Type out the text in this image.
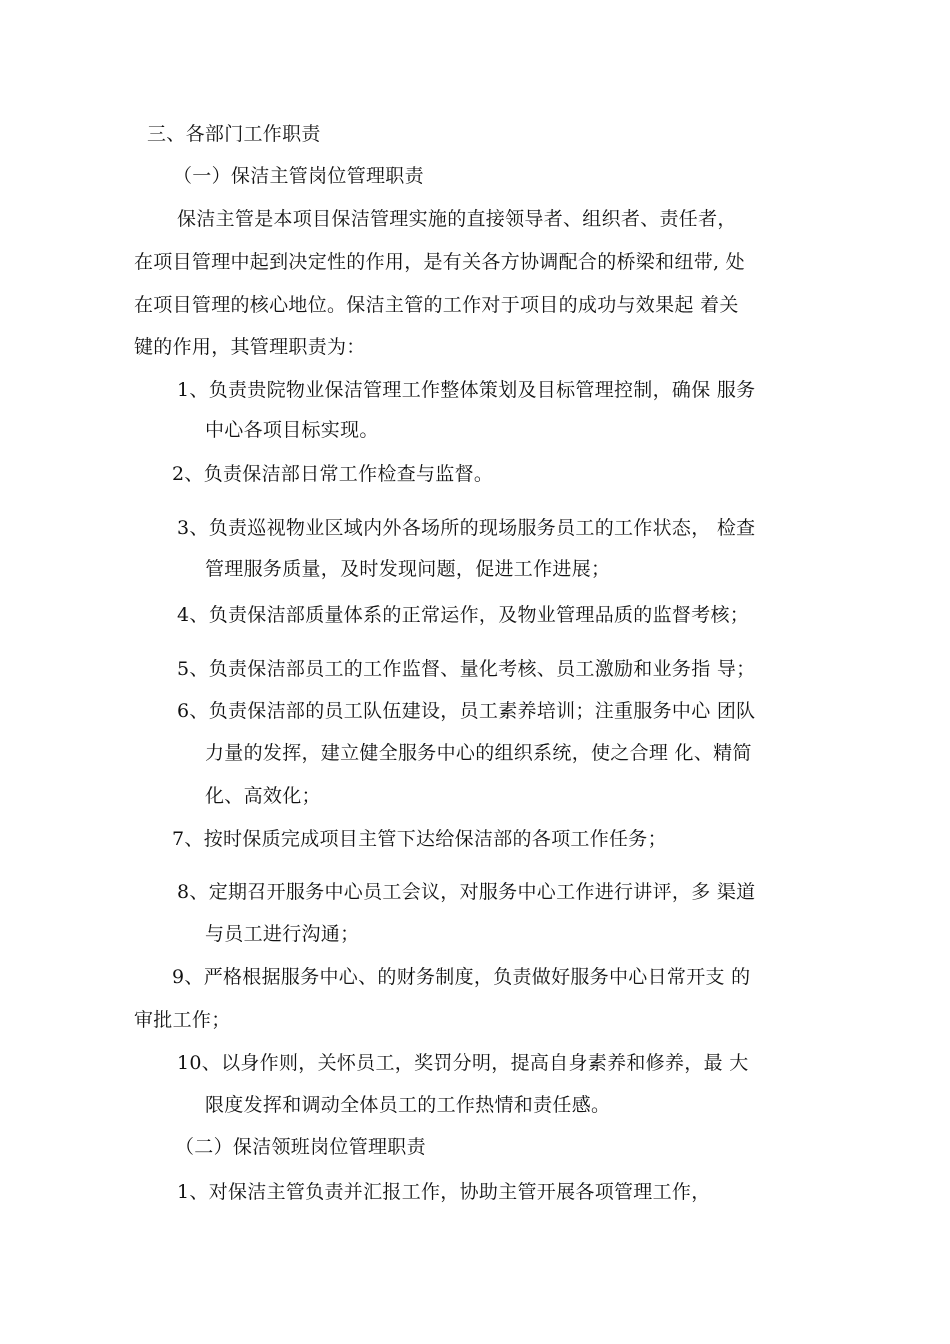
三、各部门工作职责
（一）保洁主管岗位管理职责
保洁主管是本项目保洁管理实施的直接领导者、组织者、责任者，
在项目管理中起到决定性的作用，是有关各方协调配合的桥梁和纽带, 处
在项目管理的核心地位。保洁主管的工作对于项目的成功与效果起 着关
键的作用，其管理职责为：
1、负责贵院物业保洁管理工作整体策划及目标管理控制，确保 服务
中心各项目标实现。
2、负责保洁部日常工作检查与监督。
3、负责巡视物业区域内外各场所的现场服务员工的工作状态， 检查
管理服务质量，及时发现问题，促进工作进展；
4、负责保洁部质量体系的正常运作，及物业管理品质的监督考核；
5、负责保洁部员工的工作监督、量化考核、员工激励和业务指 导；
6、负责保洁部的员工队伍建设，员工素养培训；注重服务中心 团队
力量的发挥，建立健全服务中心的组织系统，使之合理 化、精简
化、高效化；
7、按时保质完成项目主管下达给保洁部的各项工作任务；
8、定期召开服务中心员工会议，对服务中心工作进行讲评，多 渠道
与员工进行沟通；
9、严格根据服务中心、的财务制度，负责做好服务中心日常开支 的
审批工作；
10、以身作则，关怀员工，奖罚分明，提高自身素养和修养，最 大
限度发挥和调动全体员工的工作热情和责任感。
（二）保洁领班岗位管理职责
1、对保洁主管负责并汇报工作，协助主管开展各项管理工作，
